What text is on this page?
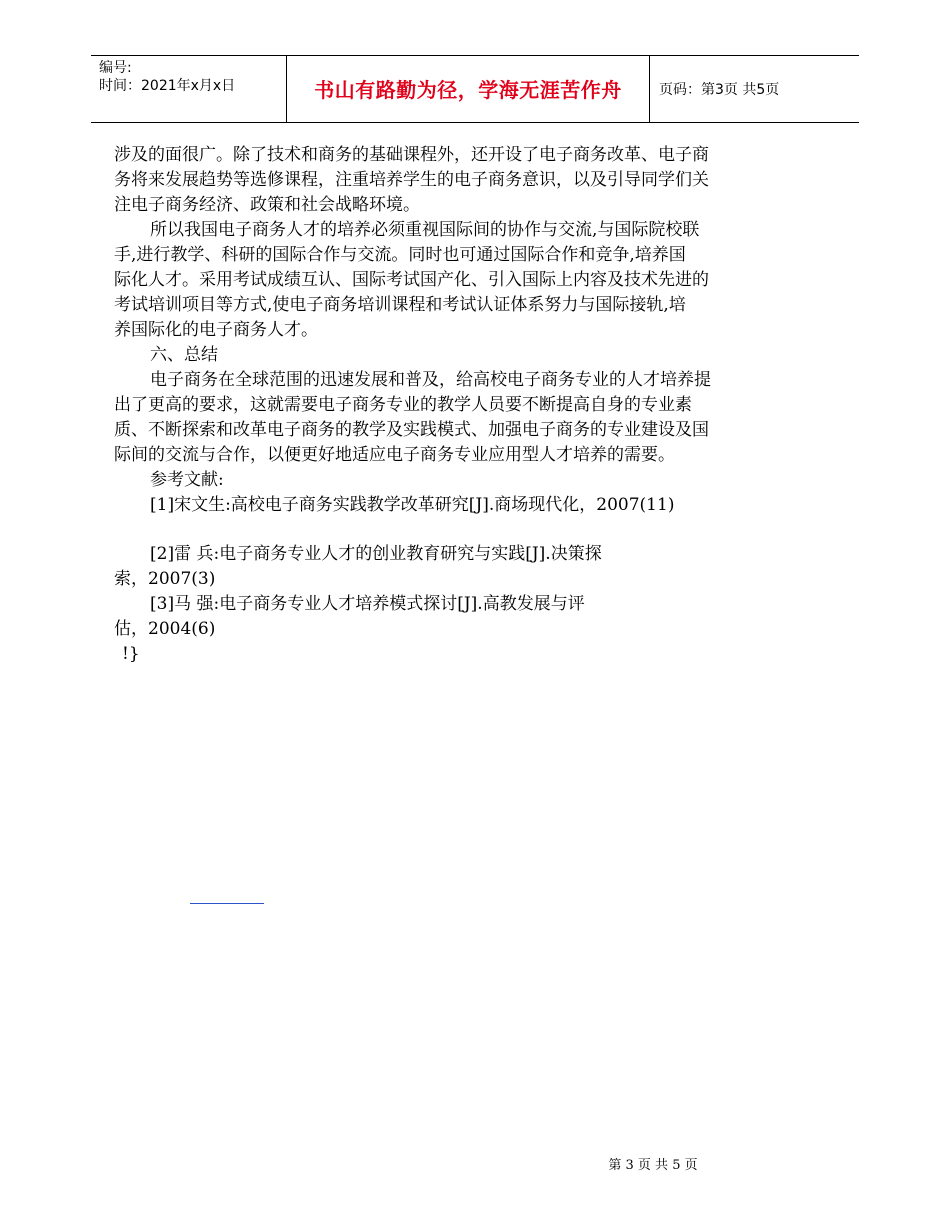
编号:
时间：2021年x月x日	书山有路勤为径，学海无涯苦作舟	页码：第3页 共5页
涉及的面很广。除了技术和商务的基础课程外，还开设了电子商务改革、电子商
务将来发展趋势等选修课程，注重培养学生的电子商务意识，以及引导同学们关
注电子商务经济、政策和社会战略环境。
所以我国电子商务人才的培养必须重视国际间的协作与交流,与国际院校联
手,进行教学、科研的国际合作与交流。同时也可通过国际合作和竞争,培养国
际化人才。采用考试成绩互认、国际考试国产化、引入国际上内容及技术先进的
考试培训项目等方式,使电子商务培训课程和考试认证体系努力与国际接轨,培
养国际化的电子商务人才。
六、总结
电子商务在全球范围的迅速发展和普及，给高校电子商务专业的人才培养提
出了更高的要求，这就需要电子商务专业的教学人员要不断提高自身的专业素
质、不断探索和改革电子商务的教学及实践模式、加强电子商务的专业建设及国
际间的交流与合作，以便更好地适应电子商务专业应用型人才培养的需要。
参考文献:
[1]宋文生:高校电子商务实践教学改革研究[J].商场现代化，2007(11)
[2]雷 兵:电子商务专业人才的创业教育研究与实践[J].决策探
索，2007(3)
[3]马 强:电子商务专业人才培养模式探讨[J].高教发展与评
估，2004(6)
!}
第 3 页 共 5 页
